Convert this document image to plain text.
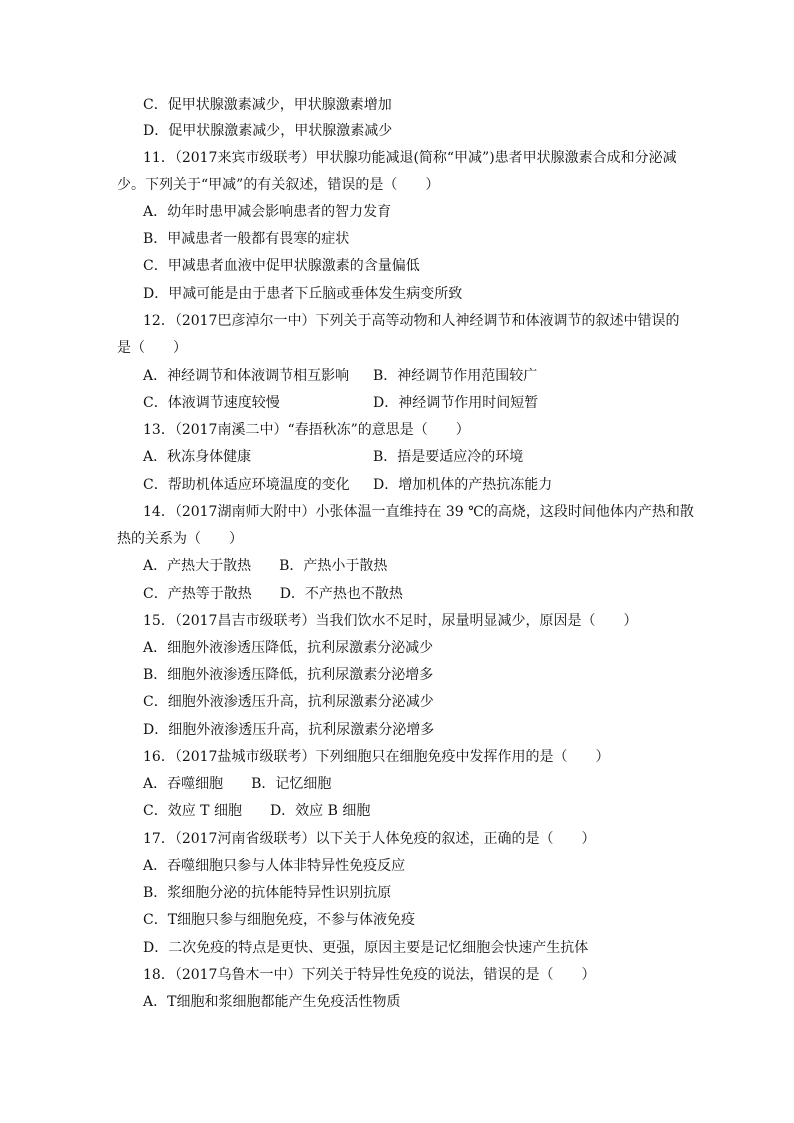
C．促甲状腺激素减少，甲状腺激素增加
D．促甲状腺激素减少，甲状腺激素减少
11．（2017来宾市级联考）甲状腺功能减退(简称“甲减”)患者甲状腺激素合成和分泌减
少。下列关于“甲减”的有关叙述，错误的是（　　）
A．幼年时患甲减会影响患者的智力发育
B．甲减患者一般都有畏寒的症状
C．甲减患者血液中促甲状腺激素的含量偏低
D．甲减可能是由于患者下丘脑或垂体发生病变所致
12．（2017巴彦淖尔一中）下列关于高等动物和人神经调节和体液调节的叙述中错误的
是（　　）
A．神经调节和体液调节相互影响 B．神经调节作用范围较广
C．体液调节速度较慢	D．神经调节作用时间短暂
13．（2017南溪二中）“春捂秋冻”的意思是（　　）
A．秋冻身体健康	B．捂是要适应冷的环境
C．帮助机体适应环境温度的变化 D．增加机体的产热抗冻能力
14．（2017湖南师大附中）小张体温一直维持在 39 ℃的高烧，这段时间他体内产热和散
热的关系为（　　）
A．产热大于散热　　B．产热小于散热
C．产热等于散热　　D．不产热也不散热
15．（2017昌吉市级联考）当我们饮水不足时，尿量明显减少，原因是（　　）
A．细胞外液渗透压降低，抗利尿激素分泌减少
B．细胞外液渗透压降低，抗利尿激素分泌增多
C．细胞外液渗透压升高，抗利尿激素分泌减少
D．细胞外液渗透压升高，抗利尿激素分泌增多
16．（2017盐城市级联考）下列细胞只在细胞免疫中发挥作用的是（　　）
A．吞噬细胞　　B．记忆细胞
C．效应 T 细胞　　D．效应 B 细胞
17．（2017河南省级联考）以下关于人体免疫的叙述，正确的是（　　）
A．吞噬细胞只参与人体非特异性免疫反应
B．浆细胞分泌的抗体能特异性识别抗原
C．T细胞只参与细胞免疫，不参与体液免疫
D．二次免疫的特点是更快、更强，原因主要是记忆细胞会快速产生抗体
18．（2017乌鲁木一中）下列关于特异性免疫的说法，错误的是（　　）
A．T细胞和浆细胞都能产生免疫活性物质
